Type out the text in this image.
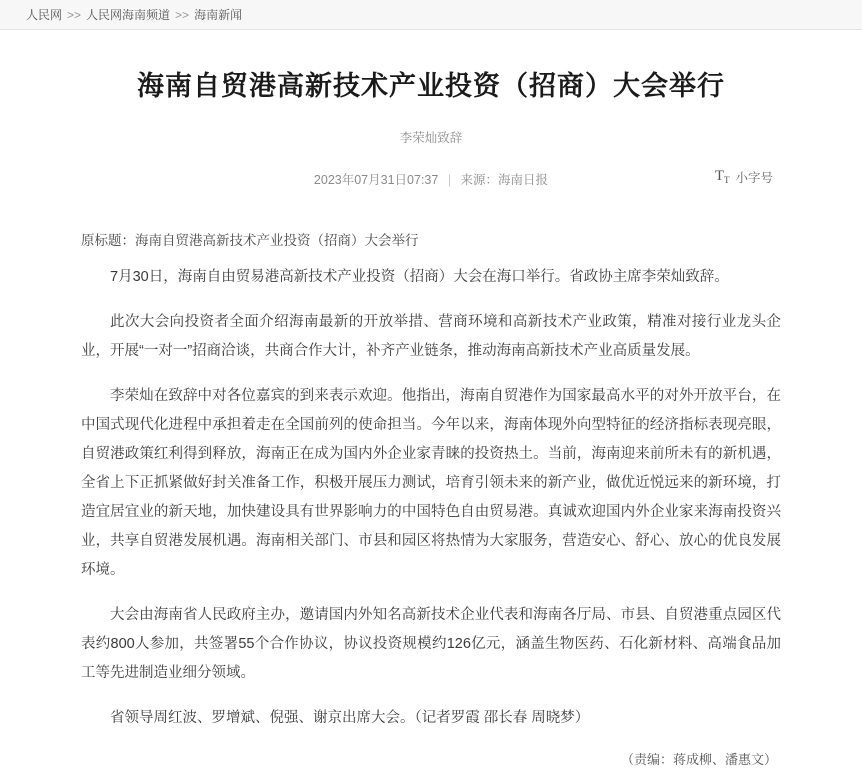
人民网 >> 人民网海南频道 >> 海南新闻
海南自贸港高新技术产业投资（招商）大会举行
李荣灿致辞
2023年07月31日07:37 | 来源：海南日报	$T_T$ 小字号
原标题：海南自贸港高新技术产业投资（招商）大会举行

7月30日，海南自由贸易港高新技术产业投资（招商）大会在海口举行。省政协主席李荣灿致辞。

此次大会向投资者全面介绍海南最新的开放举措、营商环境和高新技术产业政策，精准对接行业龙头企业，开展“一对一”招商洽谈，共商合作大计，补齐产业链条，推动海南高新技术产业高质量发展。

李荣灿在致辞中对各位嘉宾的到来表示欢迎。他指出，海南自贸港作为国家最高水平的对外开放平台，在中国式现代化进程中承担着走在全国前列的使命担当。今年以来，海南体现外向型特征的经济指标表现亮眼，自贸港政策红利得到释放，海南正在成为国内外企业家青睐的投资热土。当前，海南迎来前所未有的新机遇，全省上下正抓紧做好封关准备工作，积极开展压力测试，培育引领未来的新产业，做优近悦远来的新环境，打造宜居宜业的新天地，加快建设具有世界影响力的中国特色自由贸易港。真诚欢迎国内外企业家来海南投资兴业，共享自贸港发展机遇。海南相关部门、市县和园区将热情为大家服务，营造安心、舒心、放心的优良发展环境。

大会由海南省人民政府主办，邀请国内外知名高新技术企业代表和海南各厅局、市县、自贸港重点园区代表约800人参加，共签署55个合作协议，协议投资规模约126亿元，涵盖生物医药、石化新材料、高端食品加工等先进制造业细分领域。

省领导周红波、罗增斌、倪强、谢京出席大会。（记者罗霞 邵长春 周晓梦）

（责编：蒋成柳、潘惠文）
